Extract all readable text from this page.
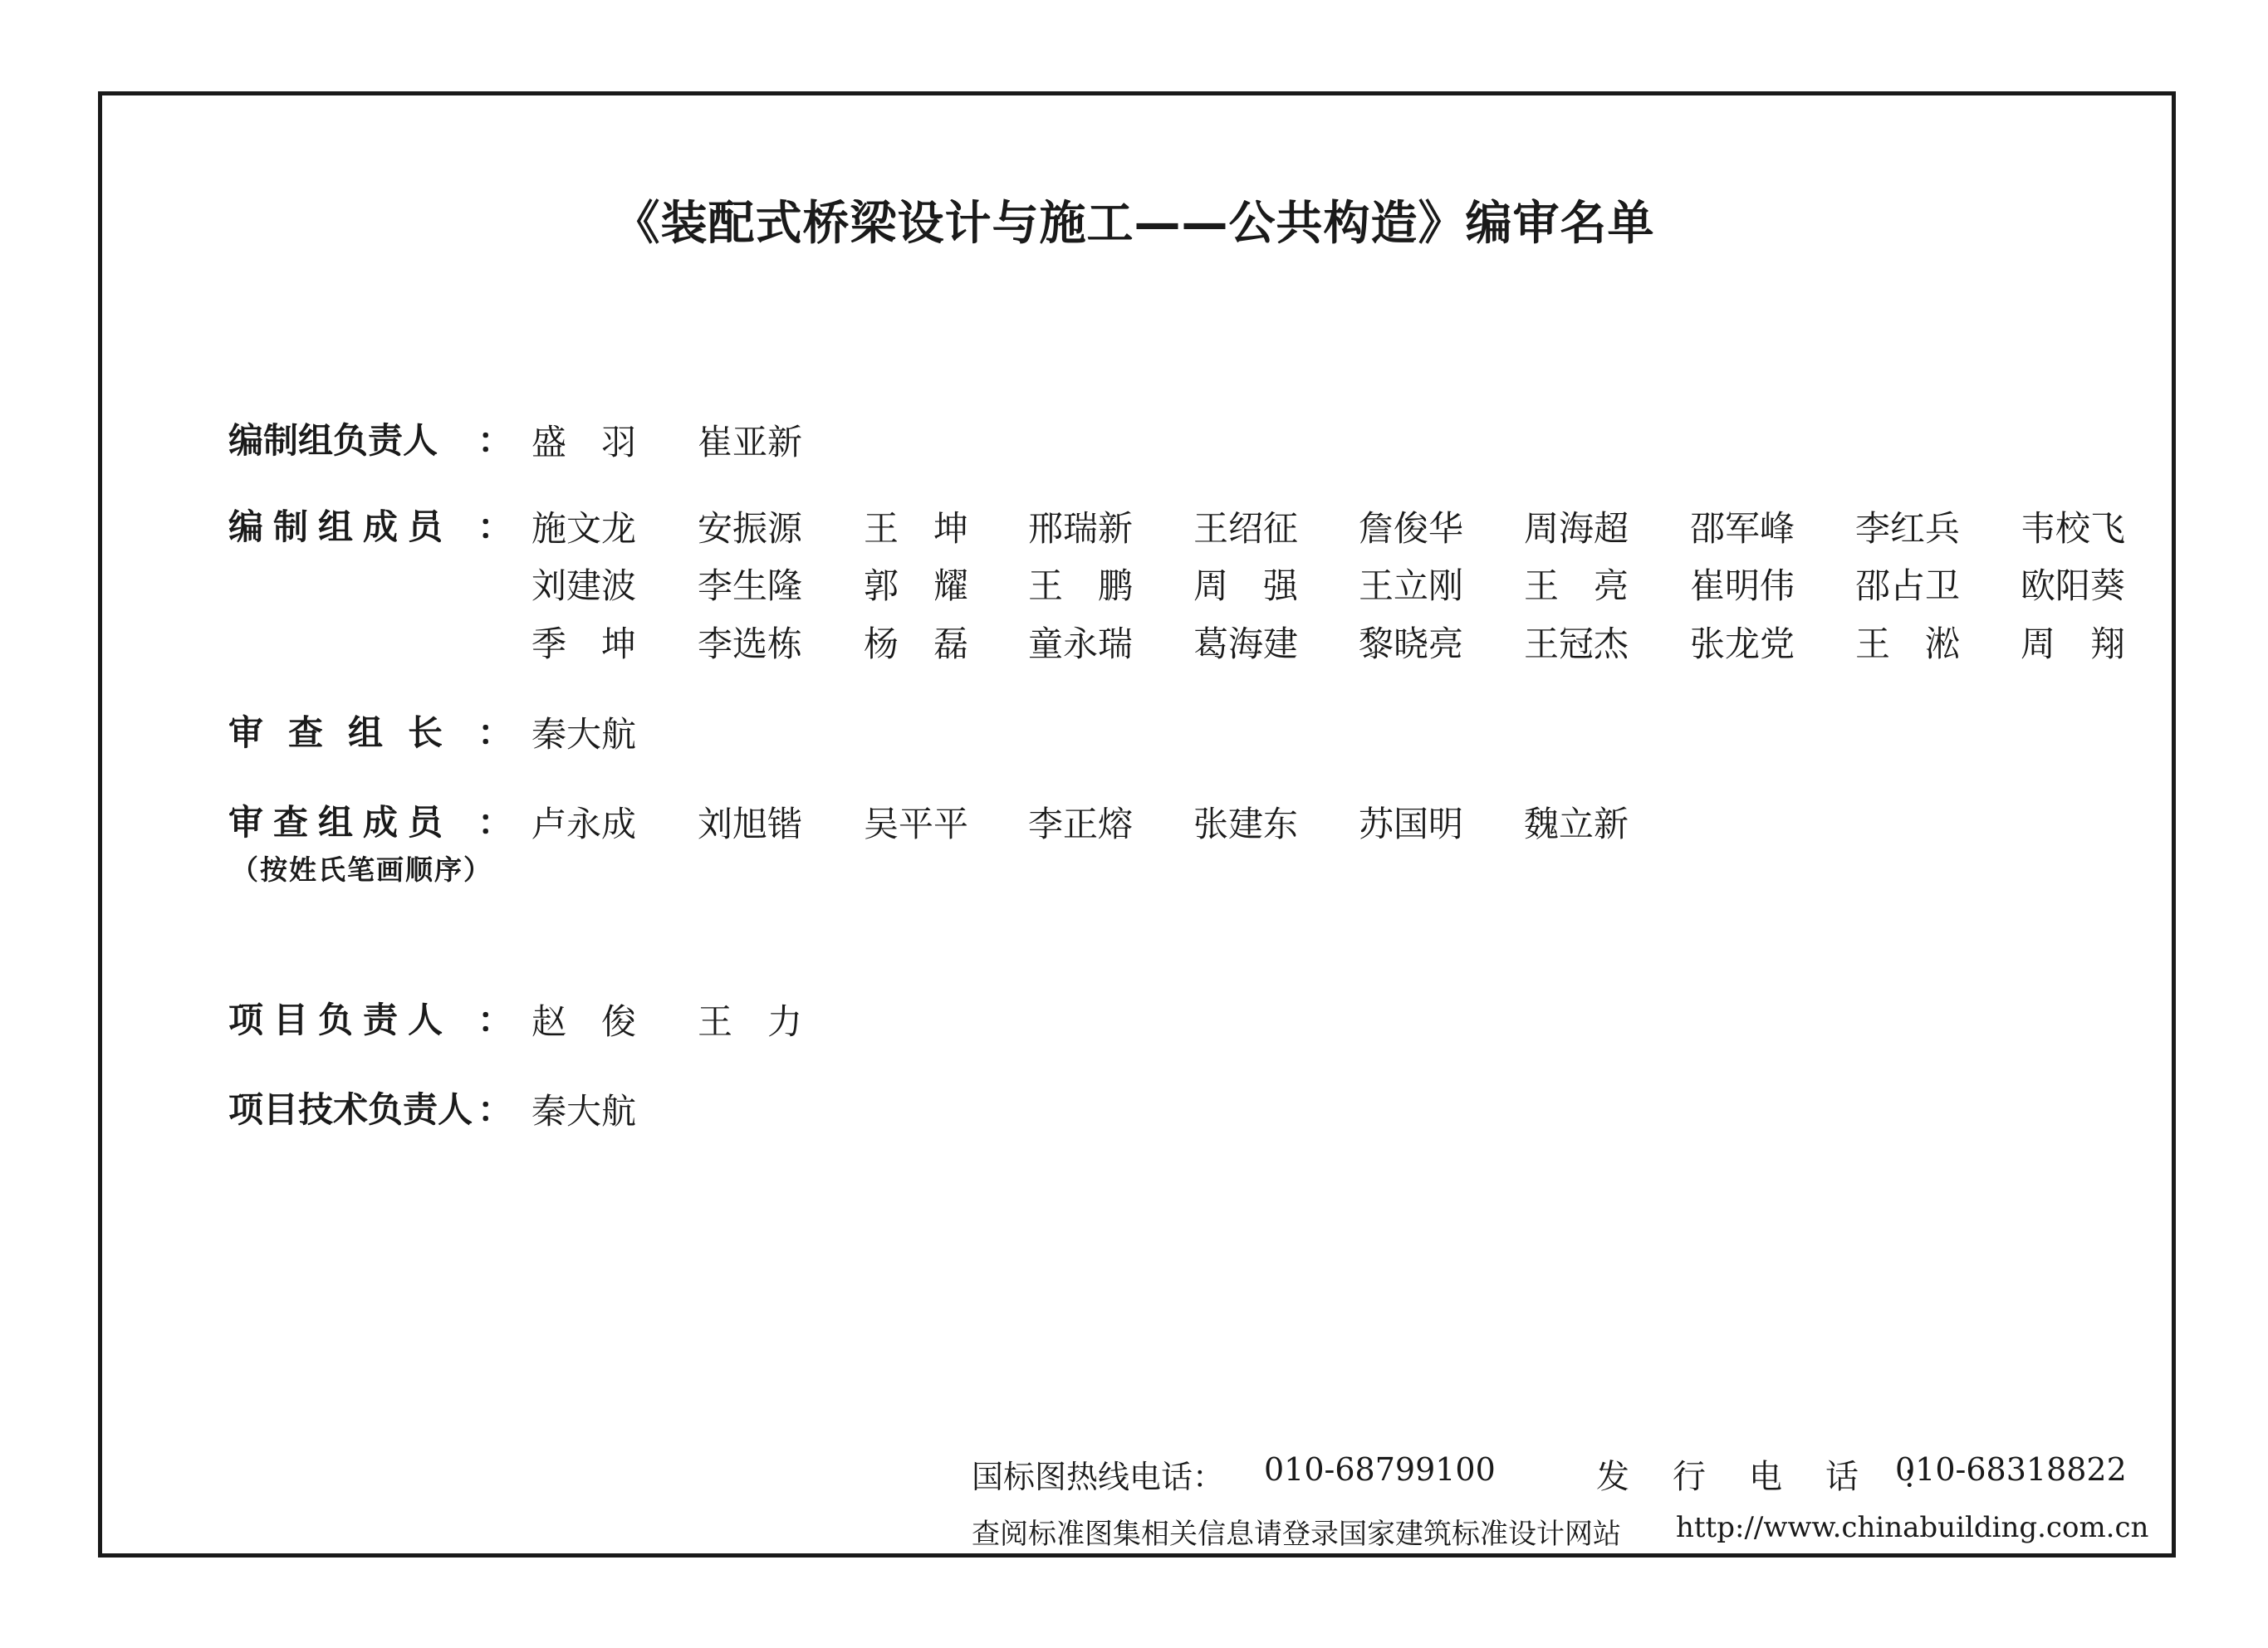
《装配式桥梁设计与施工——公共构造》编审名单
编制组负责人 ： 盛　羽 崔亚新
编制组成员 ： 施文龙 安振源 王　坤 邢瑞新 王绍征 詹俊华 周海超 邵军峰 李红兵 韦校飞
刘建波 李生隆 郭　耀 王　鹏 周　强 王立刚 王　亮 崔明伟 邵占卫 欧阳葵
季　坤 李选栋 杨　磊 童永瑞 葛海建 黎晓亮 王冠杰 张龙党 王　淞 周　翔
审查组长 ： 秦大航
审查组成员 ：
（按姓氏笔画顺序）
卢永成 刘旭锴 吴平平 李正熔 张建东 苏国明 魏立新
项目负责人 ： 赵　俊 王　力
项目技术负责人 ： 秦大航
国标图热线电话： 010-68799100	发行电话：
010-68318822
查阅标准图集相关信息请登录国家建筑标准设计网站 http://www.chinabuilding.com.cn
